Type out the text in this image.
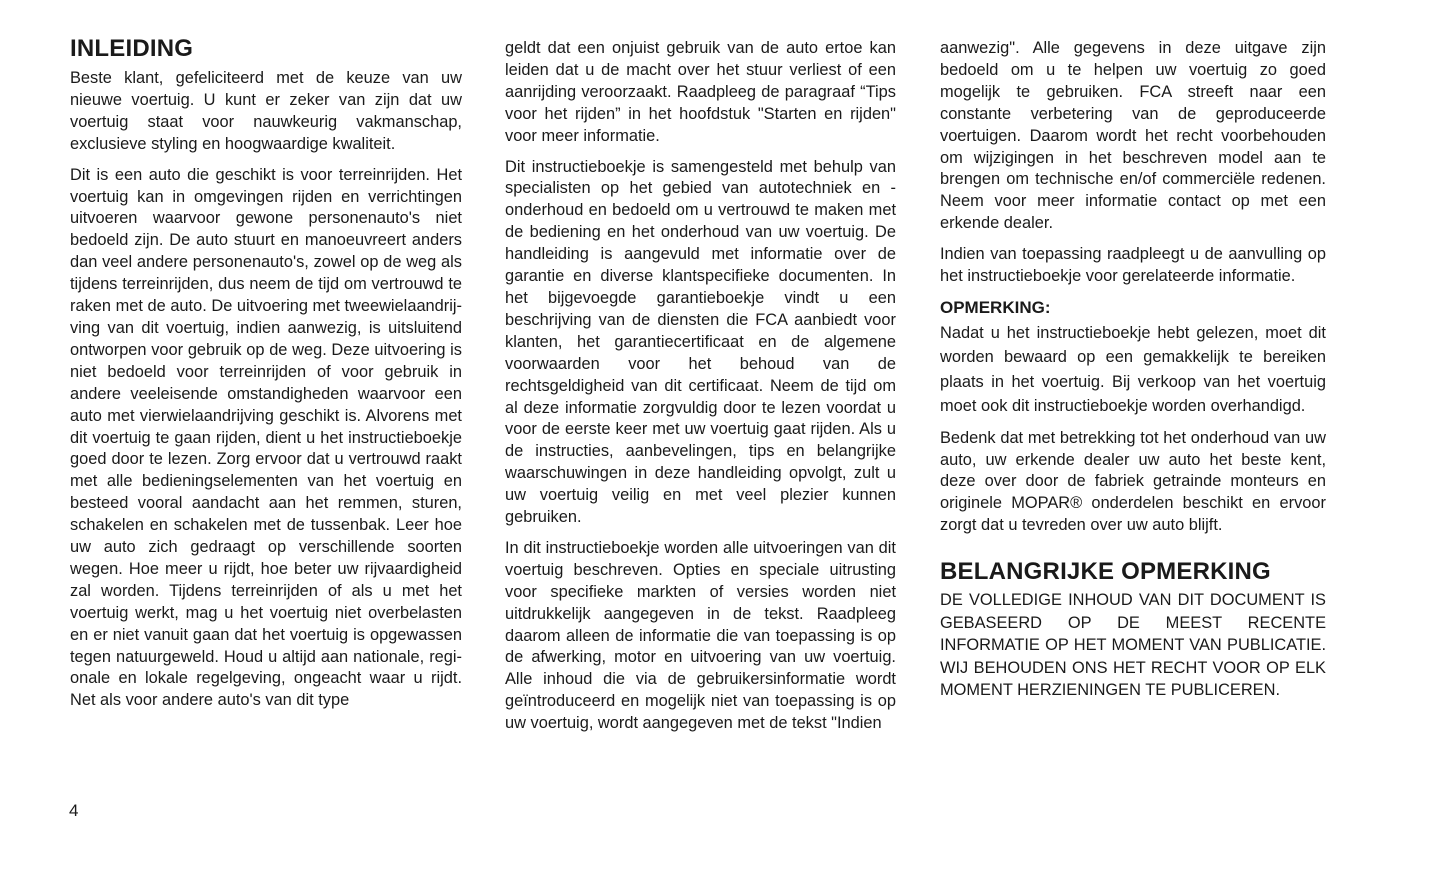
INLEIDING

Beste klant, gefeliciteerd met de keuze van uw nieuwe voertuig. U kunt er zeker van zijn dat uw voertuig staat voor nauwkeurig vakmanschap, exclusieve styling en hoogwaardige kwaliteit.

Dit is een auto die geschikt is voor terreinrijden. Het voertuig kan in omgevingen rijden en verrichtingen uitvoeren waarvoor gewone personenauto's niet bedoeld zijn. De auto stuurt en manoeuvreert anders dan veel andere personenauto's, zowel op de weg als tijdens terreinrijden, dus neem de tijd om vertrouwd te raken met de auto. De uitvoering met tweewielaandrijving van dit voertuig, indien aanwezig, is uitsluitend ontworpen voor gebruik op de weg. Deze uitvoering is niet bedoeld voor terreinrijden of voor gebruik in andere veeleisende omstandigheden waarvoor een auto met vierwielaandrijving geschikt is. Alvorens met dit voertuig te gaan rijden, dient u het instructieboekje goed door te lezen. Zorg ervoor dat u vertrouwd raakt met alle bedieningselementen van het voertuig en besteed vooral aandacht aan het remmen, sturen, schakelen en schakelen met de tussenbak. Leer hoe uw auto zich gedraagt op verschillende soorten wegen. Hoe meer u rijdt, hoe beter uw rijvaardigheid zal worden. Tijdens terreinrijden of als u met het voertuig werkt, mag u het voertuig niet overbelasten en er niet vanuit gaan dat het voertuig is opgewassen tegen natuurgeweld. Houd u altijd aan nationale, regionale en lokale regelgeving, ongeacht waar u rijdt. Net als voor andere auto's van dit type

geldt dat een onjuist gebruik van de auto ertoe kan leiden dat u de macht over het stuur verliest of een aanrijding veroorzaakt. Raadpleeg de paragraaf “Tips voor het rijden” in het hoofdstuk "Starten en rijden" voor meer informatie.

Dit instructieboekje is samengesteld met behulp van specialisten op het gebied van autotechniek en -onderhoud en bedoeld om u vertrouwd te maken met de bediening en het onderhoud van uw voertuig. De handleiding is aangevuld met informatie over de garantie en diverse klantspecifieke documenten. In het bijgevoegde garantieboekje vindt u een beschrijving van de diensten die FCA aanbiedt voor klanten, het garantiecertificaat en de algemene voorwaarden voor het behoud van de rechtsgeldigheid van dit certificaat. Neem de tijd om al deze informatie zorgvuldig door te lezen voordat u voor de eerste keer met uw voertuig gaat rijden. Als u de instructies, aanbevelingen, tips en belangrijke waarschuwingen in deze handleiding opvolgt, zult u uw voertuig veilig en met veel plezier kunnen gebruiken.

In dit instructieboekje worden alle uitvoeringen van dit voertuig beschreven. Opties en speciale uitrusting voor specifieke markten of versies worden niet uitdrukkelijk aangegeven in de tekst. Raadpleeg daarom alleen de informatie die van toepassing is op de afwerking, motor en uitvoering van uw voertuig. Alle inhoud die via de gebruikersinformatie wordt geïntroduceerd en mogelijk niet van toepassing is op uw voertuig, wordt aangegeven met de tekst "Indien

aanwezig". Alle gegevens in deze uitgave zijn bedoeld om u te helpen uw voertuig zo goed mogelijk te gebruiken. FCA streeft naar een constante verbetering van de geproduceerde voertuigen. Daarom wordt het recht voorbehouden om wijzigingen in het beschreven model aan te brengen om technische en/of commerciële redenen. Neem voor meer informatie contact op met een erkende dealer.

Indien van toepassing raadpleegt u de aanvulling op het instructieboekje voor gerelateerde informatie.

OPMERKING:

Nadat u het instructieboekje hebt gelezen, moet dit worden bewaard op een gemakkelijk te bereiken plaats in het voertuig. Bij verkoop van het voertuig moet ook dit instructieboekje worden overhandigd.

Bedenk dat met betrekking tot het onderhoud van uw auto, uw erkende dealer uw auto het beste kent, deze over door de fabriek getrainde monteurs en originele MOPAR® onderdelen beschikt en ervoor zorgt dat u tevreden over uw auto blijft.

BELANGRIJKE OPMERKING

DE VOLLEDIGE INHOUD VAN DIT DOCUMENT IS GEBASEERD OP DE MEEST RECENTE INFORMATIE OP HET MOMENT VAN PUBLICATIE. WIJ BEHOUDEN ONS HET RECHT VOOR OP ELK MOMENT HERZIENINGEN TE PUBLICEREN.

4
